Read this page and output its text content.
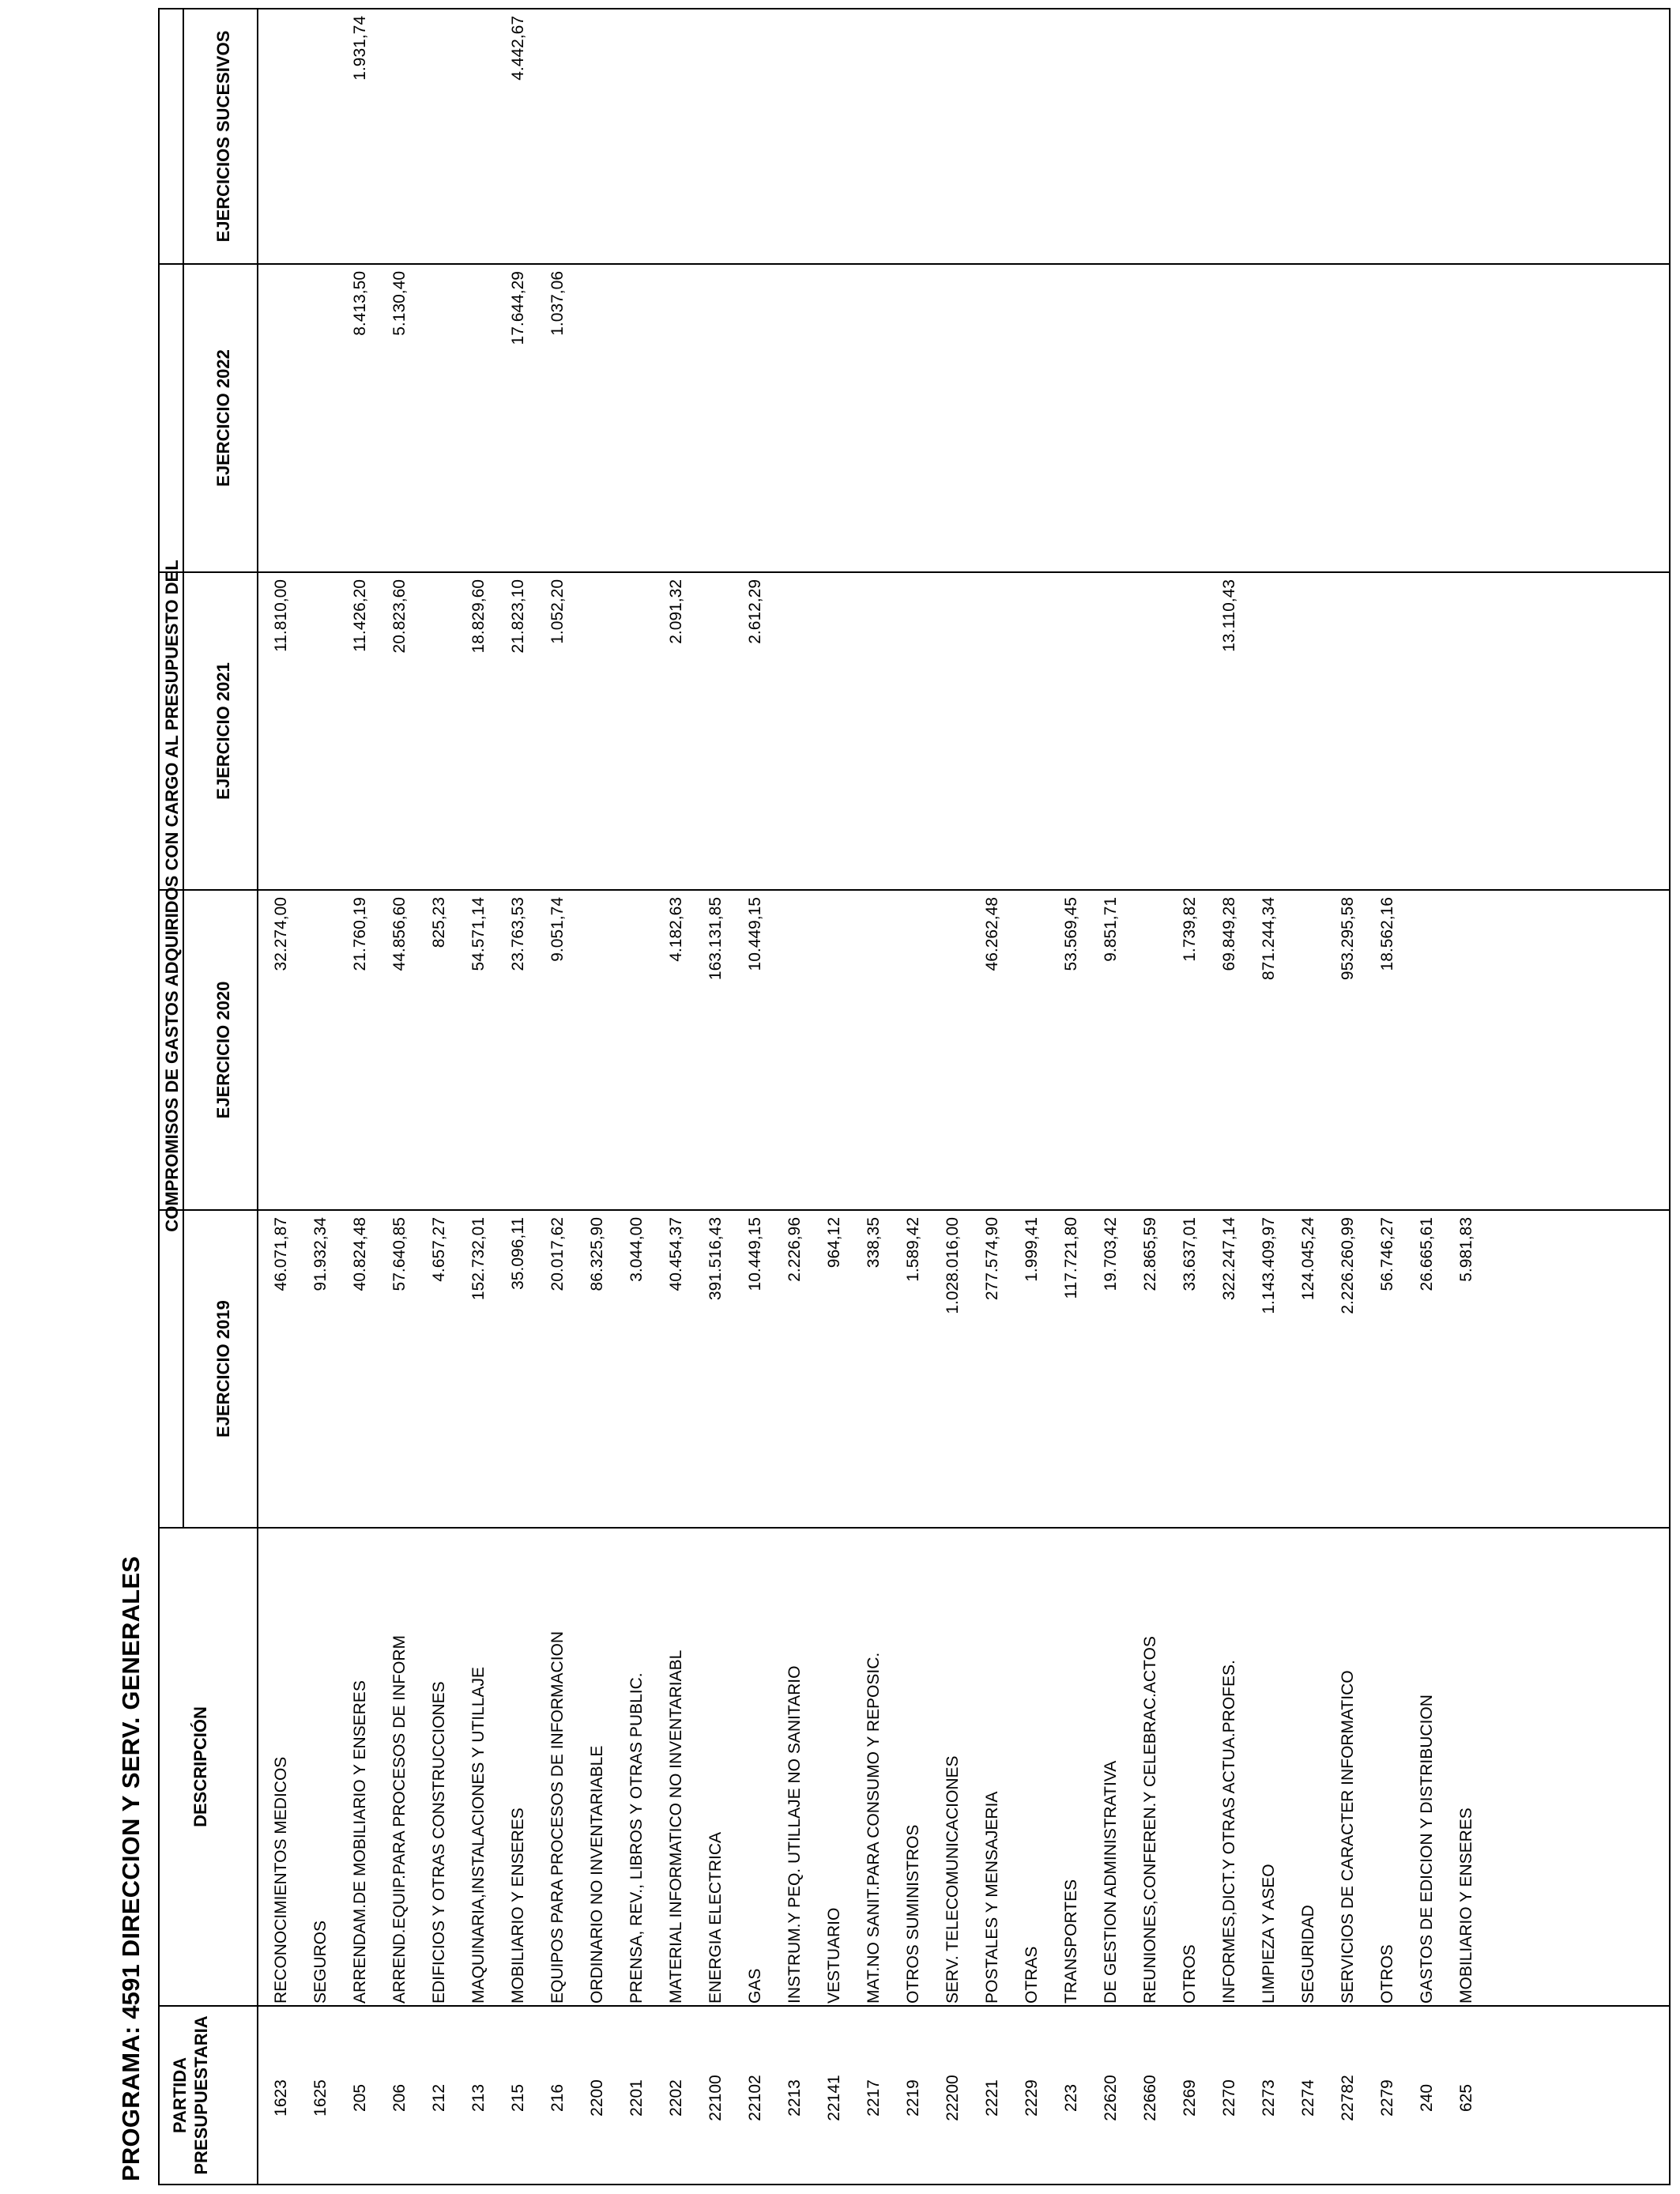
PROGRAMA: 4591 DIRECCION Y SERV. GENERALES PARTIDA PRESUPUESTARIA
DESCRIPCIÓN
COMPROMISOS DE GASTOS ADQUIRIDOS CON CARGO AL PRESUPUESTO DEL
EJERCICIO 2019
EJERCICIO 2020
EJERCICIO 2021
EJERCICIO 2022
EJERCICIOS SUCESIVOS
1623
RECONOCIMIENTOS MEDICOS
46.071,87
32.274,00
11.810,00
1625
SEGUROS
91.932,34
205
ARRENDAM.DE MOBILIARIO Y ENSERES
40.824,48
21.760,19
11.426,20
8.413,50
1.931,74
206
ARREND.EQUIP.PARA PROCESOS DE INFORM
57.640,85
44.856,60
20.823,60
5.130,40
212
EDIFICIOS Y OTRAS CONSTRUCCIONES
4.657,27
825,23
213
MAQUINARIA,INSTALACIONES Y UTILLAJE
152.732,01
54.571,14
18.829,60
215
MOBILIARIO Y ENSERES
35.096,11
23.763,53
21.823,10
17.644,29
4.442,67
216
EQUIPOS PARA PROCESOS DE INFORMACION
20.017,62
9.051,74
1.052,20
1.037,06
2200
ORDINARIO NO INVENTARIABLE
86.325,90
2201
PRENSA, REV., LIBROS Y OTRAS PUBLIC.
3.044,00
2202
MATERIAL INFORMATICO NO INVENTARIABL
40.454,37
4.182,63
2.091,32
22100
ENERGIA ELECTRICA
391.516,43
163.131,85
22102
GAS
10.449,15
10.449,15
2.612,29
2213
INSTRUM.Y PEQ. UTILLAJE NO SANITARIO
2.226,96
22141
VESTUARIO
964,12
2217
MAT.NO SANIT.PARA CONSUMO Y REPOSIC.
338,35
2219
OTROS SUMINISTROS
1.589,42
22200
SERV. TELECOMUNICACIONES
1.028.016,00
2221
POSTALES Y MENSAJERIA
277.574,90
46.262,48
2229
OTRAS
1.999,41
223
TRANSPORTES
117.721,80
53.569,45
22620
DE GESTION ADMINISTRATIVA
19.703,42
9.851,71
22660
REUNIONES,CONFEREN.Y CELEBRAC.ACTOS
22.865,59
2269
OTROS
33.637,01
1.739,82
2270
INFORMES,DICT.Y OTRAS ACTUA.PROFES.
322.247,14
69.849,28
13.110,43
2273
LIMPIEZA Y ASEO
1.143.409,97
871.244,34
2274
SEGURIDAD
124.045,24
22782
SERVICIOS DE CARACTER INFORMATICO
2.226.260,99
953.295,58
2279
OTROS
56.746,27
18.562,16
240
GASTOS DE EDICION Y DISTRIBUCION
26.665,61
625
MOBILIARIO Y ENSERES
5.981,83
